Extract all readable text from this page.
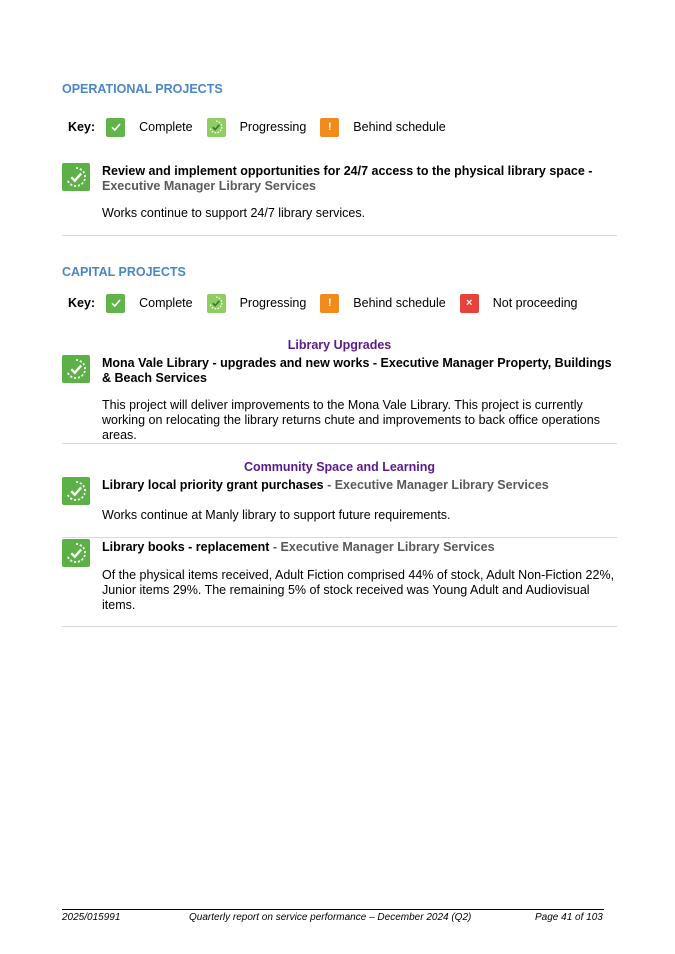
OPERATIONAL PROJECTS
Key:	Complete	Progressing	!	Behind schedule
Review and implement opportunities for 24/7 access to the physical library space - Executive Manager Library Services
Works continue to support 24/7 library services.
CAPITAL PROJECTS
Key:	Complete	Progressing	!	Behind schedule	×	Not proceeding
Library Upgrades
Mona Vale Library - upgrades and new works - Executive Manager Property, Buildings & Beach Services
This project will deliver improvements to the Mona Vale Library. This project is currently working on relocating the library returns chute and improvements to back office operations areas.
Community Space and Learning
Library local priority grant purchases - Executive Manager Library Services
Works continue at Manly library to support future requirements.
Library books - replacement - Executive Manager Library Services
Of the physical items received, Adult Fiction comprised 44% of stock, Adult Non-Fiction 22%, Junior items 29%. The remaining 5% of stock received was Young Adult and Audiovisual items.
2025/015991	Quarterly report on service performance – December 2024 (Q2)	Page 41 of 103
